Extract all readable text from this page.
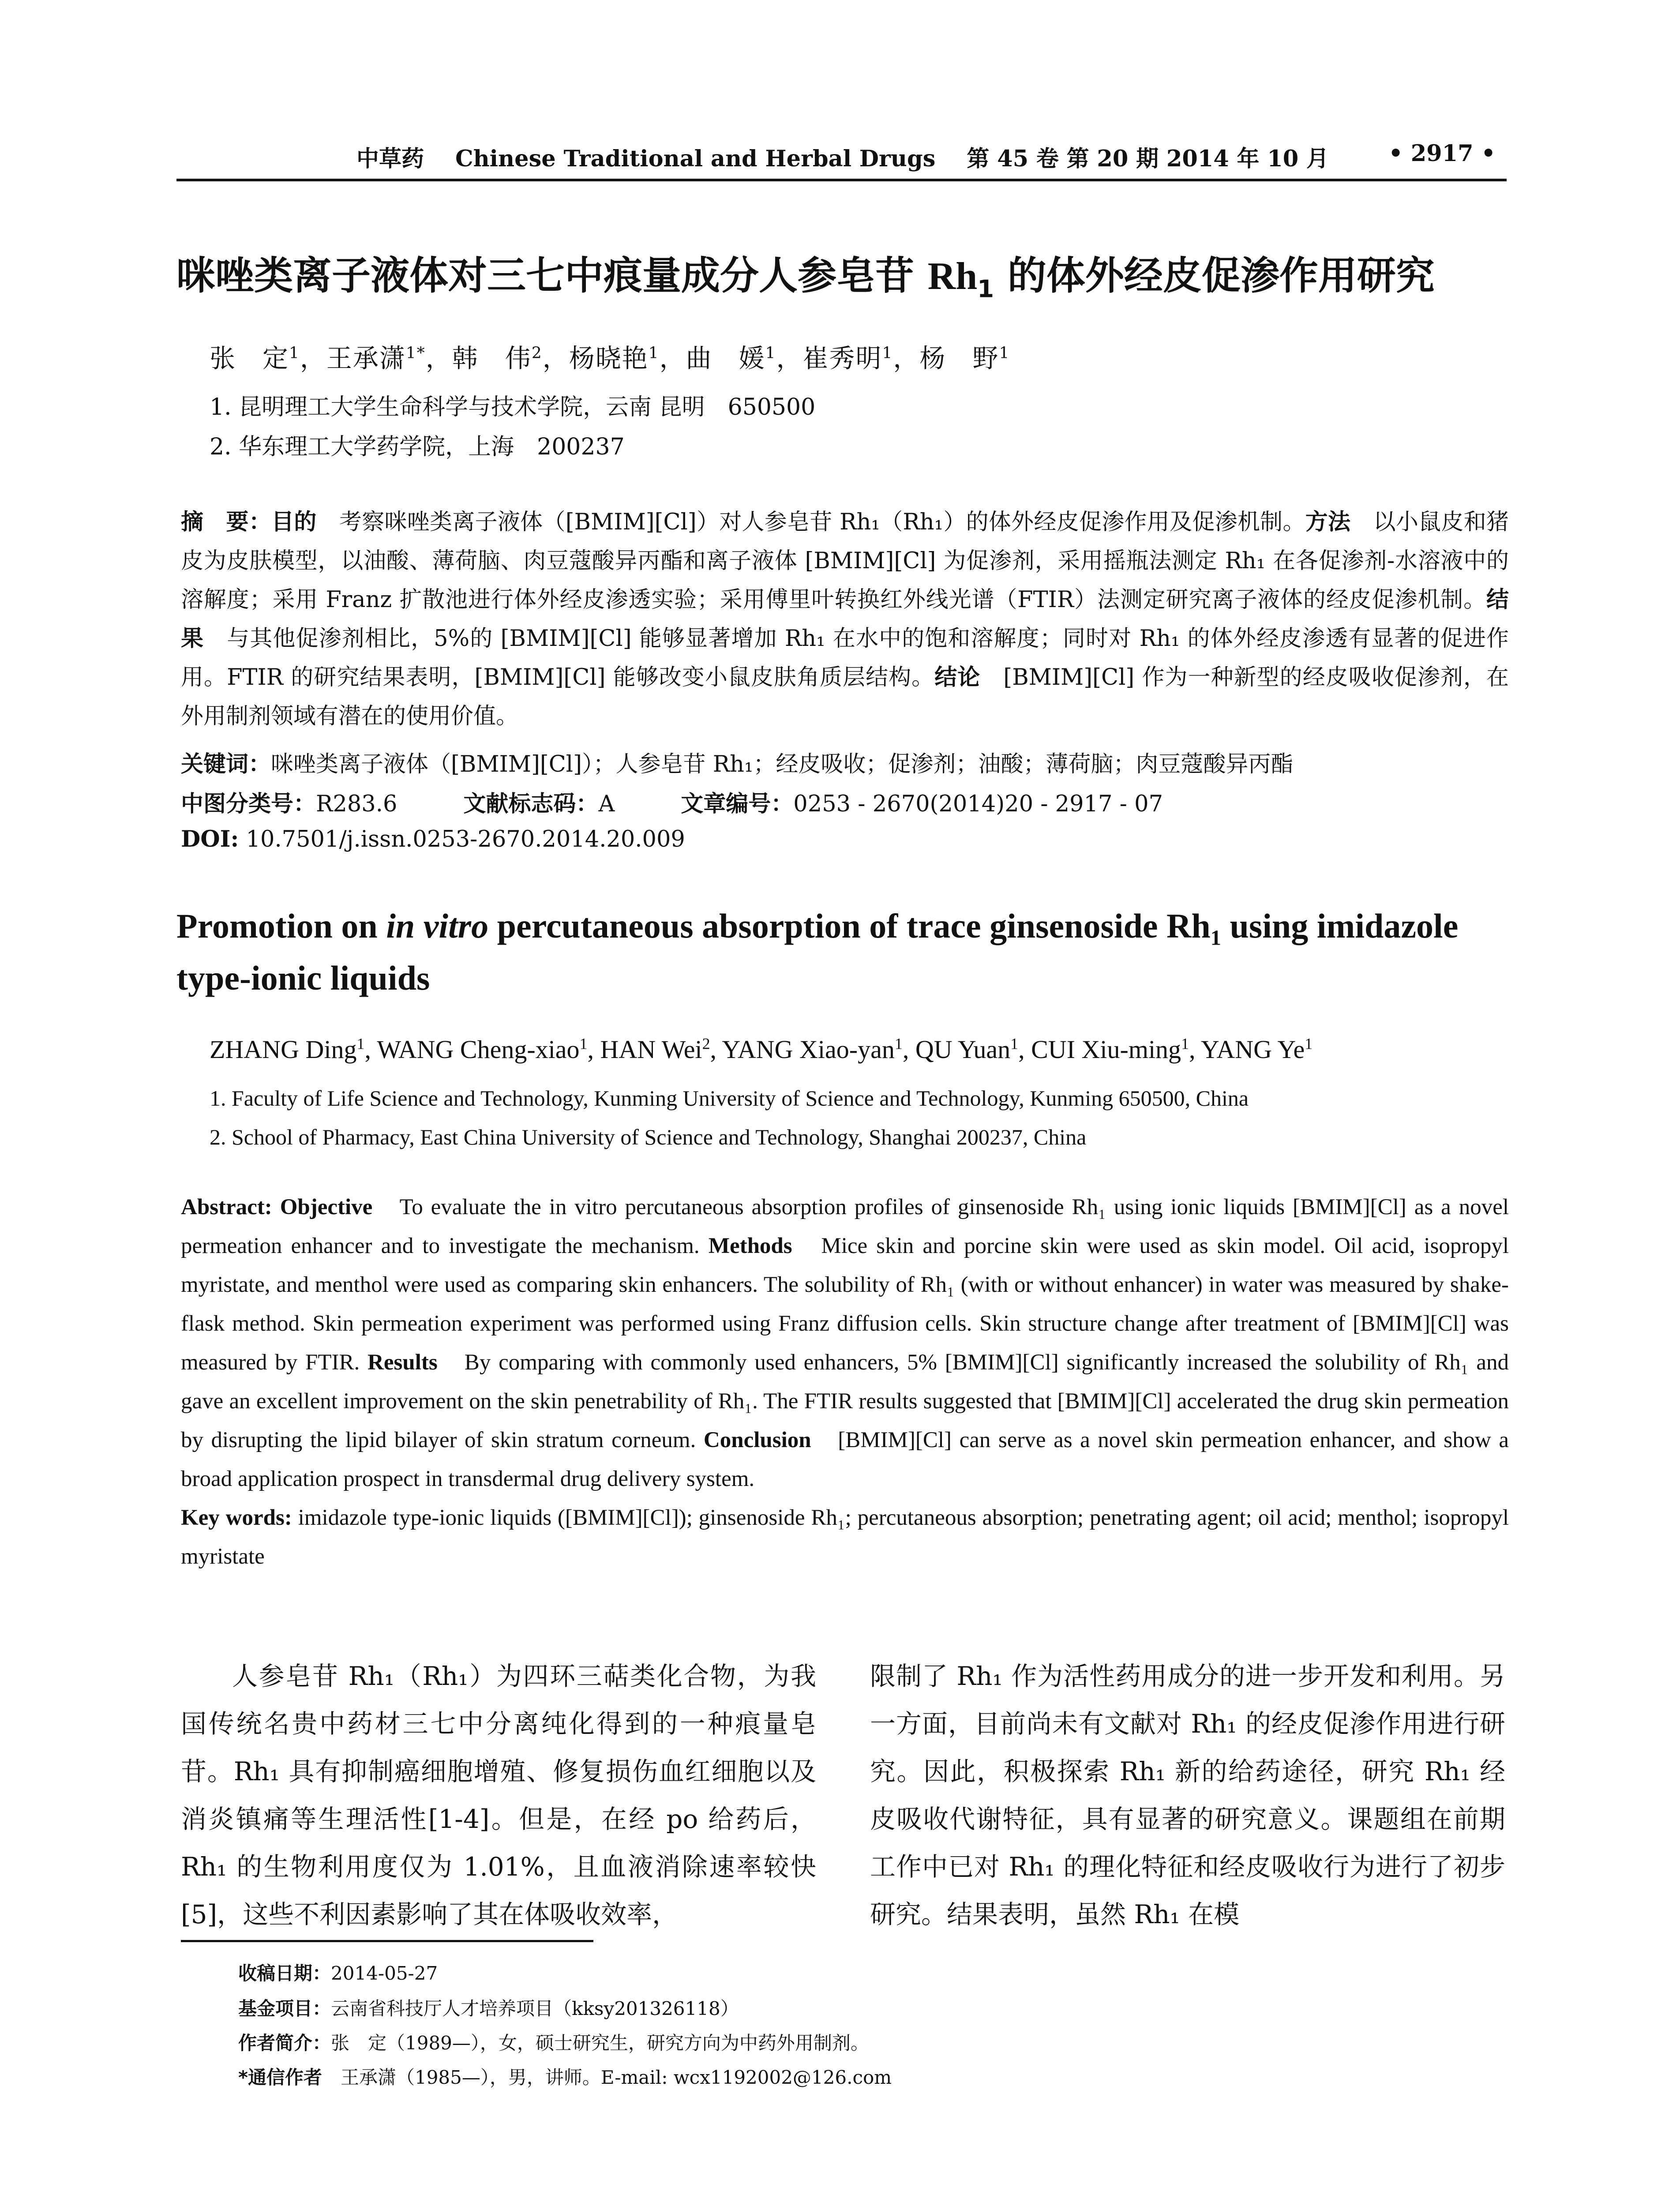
中草药 Chinese Traditional and Herbal Drugs 第 45 卷 第 20 期 2014 年 10 月	• 2917 •
咪唑类离子液体对三七中痕量成分人参皂苷 $Rh_1$ 的体外经皮促渗作用研究
张　定$^1$，王承潇$^{1*}$，韩　伟$^2$，杨晓艳$^1$，曲　媛$^1$，崔秀明$^1$，杨　野$^1$
1. 昆明理工大学生命科学与技术学院，云南 昆明　650500
2. 华东理工大学药学院，上海　200237
摘　要：目的　考察咪唑类离子液体（[BMIM][Cl]）对人参皂苷 Rh₁（Rh₁）的体外经皮促渗作用及促渗机制。方法　以小鼠皮和猪皮为皮肤模型，以油酸、薄荷脑、肉豆蔻酸异丙酯和离子液体 [BMIM][Cl] 为促渗剂，采用摇瓶法测定 Rh₁ 在各促渗剂-水溶液中的溶解度；采用 Franz 扩散池进行体外经皮渗透实验；采用傅里叶转换红外线光谱（FTIR）法测定研究离子液体的经皮促渗机制。结果　与其他促渗剂相比，5%的 [BMIM][Cl] 能够显著增加 Rh₁ 在水中的饱和溶解度；同时对 Rh₁ 的体外经皮渗透有显著的促进作用。FTIR 的研究结果表明，[BMIM][Cl] 能够改变小鼠皮肤角质层结构。结论　[BMIM][Cl] 作为一种新型的经皮吸收促渗剂，在外用制剂领域有潜在的使用价值。
关键词：咪唑类离子液体（[BMIM][Cl]）；人参皂苷 Rh₁；经皮吸收；促渗剂；油酸；薄荷脑；肉豆蔻酸异丙酯
中图分类号：R283.6	文献标志码：A	文章编号：0253 - 2670(2014)20 - 2917 - 07
DOI: 10.7501/j.issn.0253-2670.2014.20.009
Promotion on in vitro percutaneous absorption of trace ginsenoside $Rh_1$ using imidazole type-ionic liquids
ZHANG Ding$^1$, WANG Cheng-xiao$^1$, HAN Wei$^2$, YANG Xiao-yan$^1$, QU Yuan$^1$, CUI Xiu-ming$^1$, YANG Ye$^1$
1. Faculty of Life Science and Technology, Kunming University of Science and Technology, Kunming 650500, China
2. School of Pharmacy, East China University of Science and Technology, Shanghai 200237, China
Abstract: Objective　To evaluate the in vitro percutaneous absorption profiles of ginsenoside Rh₁ using ionic liquids [BMIM][Cl] as a novel permeation enhancer and to investigate the mechanism. Methods　Mice skin and porcine skin were used as skin model. Oil acid, isopropyl myristate, and menthol were used as comparing skin enhancers. The solubility of Rh₁ (with or without enhancer) in water was measured by shake-flask method. Skin permeation experiment was performed using Franz diffusion cells. Skin structure change after treatment of [BMIM][Cl] was measured by FTIR. Results　By comparing with commonly used enhancers, 5% [BMIM][Cl] significantly increased the solubility of Rh₁ and gave an excellent improvement on the skin penetrability of Rh₁. The FTIR results suggested that [BMIM][Cl] accelerated the drug skin permeation by disrupting the lipid bilayer of skin stratum corneum. Conclusion　[BMIM][Cl] can serve as a novel skin permeation enhancer, and show a broad application prospect in transdermal drug delivery system.
Key words: imidazole type-ionic liquids ([BMIM][Cl]); ginsenoside Rh₁; percutaneous absorption; penetrating agent; oil acid; menthol; isopropyl myristate
人参皂苷 Rh₁（Rh₁）为四环三萜类化合物，为我国传统名贵中药材三七中分离纯化得到的一种痕量皂苷。Rh₁ 具有抑制癌细胞增殖、修复损伤血红细胞以及消炎镇痛等生理活性[1-4]。但是，在经 po 给药后，Rh₁ 的生物利用度仅为 1.01%，且血液消除速率较快[5]，这些不利因素影响了其在体吸收效率，
限制了 Rh₁ 作为活性药用成分的进一步开发和利用。另一方面，目前尚未有文献对 Rh₁ 的经皮促渗作用进行研究。因此，积极探索 Rh₁ 新的给药途径，研究 Rh₁ 经皮吸收代谢特征，具有显著的研究意义。课题组在前期工作中已对 Rh₁ 的理化特征和经皮吸收行为进行了初步研究。结果表明，虽然 Rh₁ 在模
收稿日期：2014-05-27
基金项目：云南省科技厅人才培养项目（kksy201326118）
作者简介：张　定（1989—），女，硕士研究生，研究方向为中药外用制剂。
*通信作者　王承潇（1985—），男，讲师。E-mail: wcx1192002@126.com
